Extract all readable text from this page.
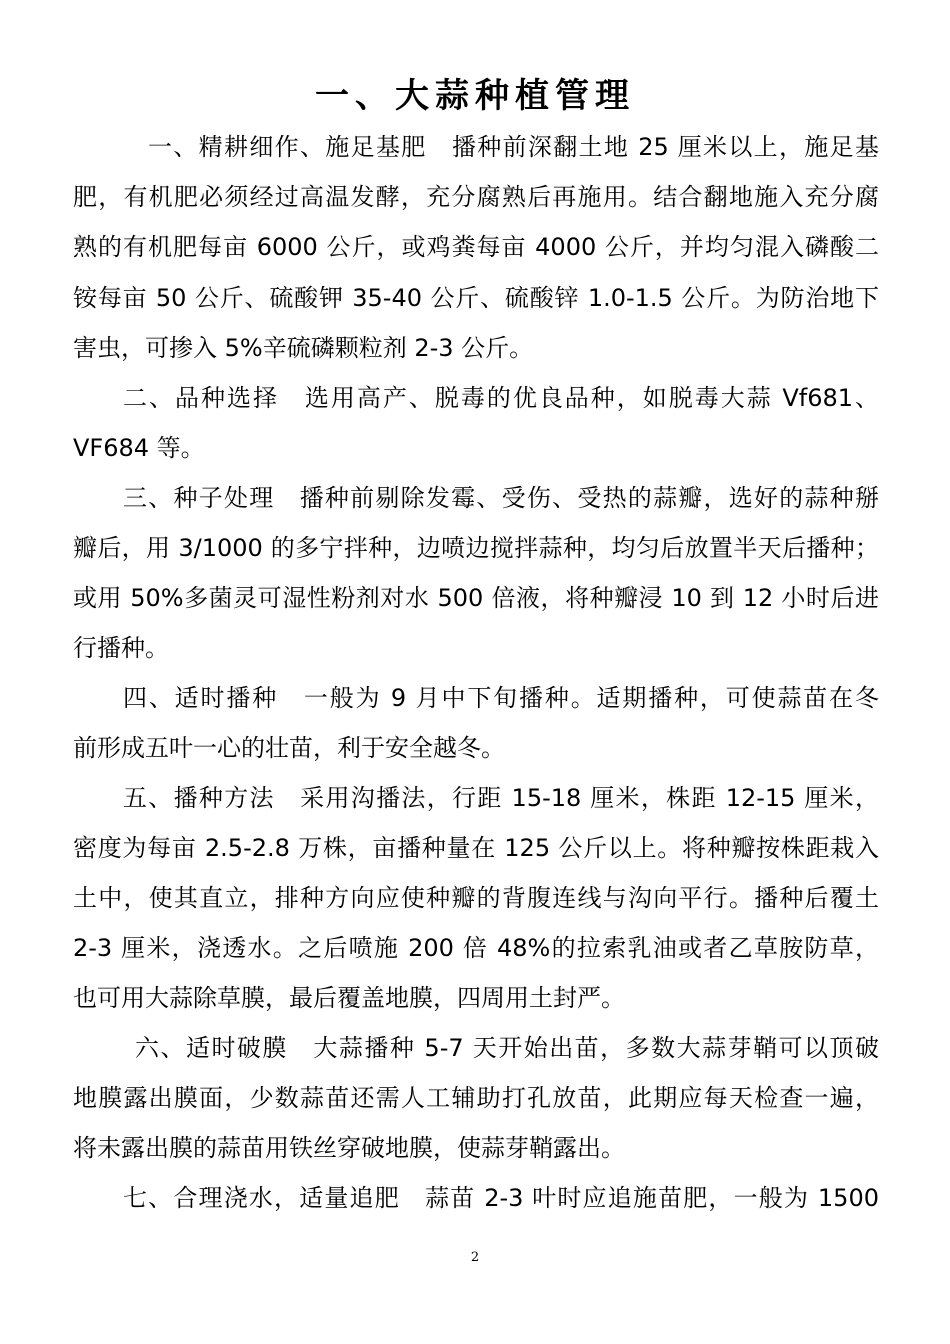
一、大蒜种植管理
一、精耕细作、施足基肥　播种前深翻土地 25 厘米以上，施足基
肥，有机肥必须经过高温发酵，充分腐熟后再施用。结合翻地施入充分腐
熟的有机肥每亩 6000 公斤，或鸡粪每亩 4000 公斤，并均匀混入磷酸二
铵每亩 50 公斤、硫酸钾 35-40 公斤、硫酸锌 1.0-1.5 公斤。为防治地下
害虫，可掺入 5%辛硫磷颗粒剂 2-3 公斤。
二、品种选择　选用高产、脱毒的优良品种，如脱毒大蒜 Vf681、
VF684 等。
三、种子处理　播种前剔除发霉、受伤、受热的蒜瓣，选好的蒜种掰
瓣后，用 3/1000 的多宁拌种，边喷边搅拌蒜种，均匀后放置半天后播种；
或用 50%多菌灵可湿性粉剂对水 500 倍液，将种瓣浸 10 到 12 小时后进
行播种。
四、适时播种　一般为 9 月中下旬播种。适期播种，可使蒜苗在冬
前形成五叶一心的壮苗，利于安全越冬。
五、播种方法　采用沟播法，行距 15-18 厘米，株距 12-15 厘米，
密度为每亩 2.5-2.8 万株，亩播种量在 125 公斤以上。将种瓣按株距栽入
土中，使其直立，排种方向应使种瓣的背腹连线与沟向平行。播种后覆土
2-3 厘米，浇透水。之后喷施 200 倍 48%的拉索乳油或者乙草胺防草，
也可用大蒜除草膜，最后覆盖地膜，四周用土封严。
六、适时破膜　大蒜播种 5-7 天开始出苗，多数大蒜芽鞘可以顶破
地膜露出膜面，少数蒜苗还需人工辅助打孔放苗，此期应每天检查一遍，
将未露出膜的蒜苗用铁丝穿破地膜，使蒜芽鞘露出。
七、合理浇水，适量追肥　蒜苗 2-3 叶时应追施苗肥，一般为 1500
2
